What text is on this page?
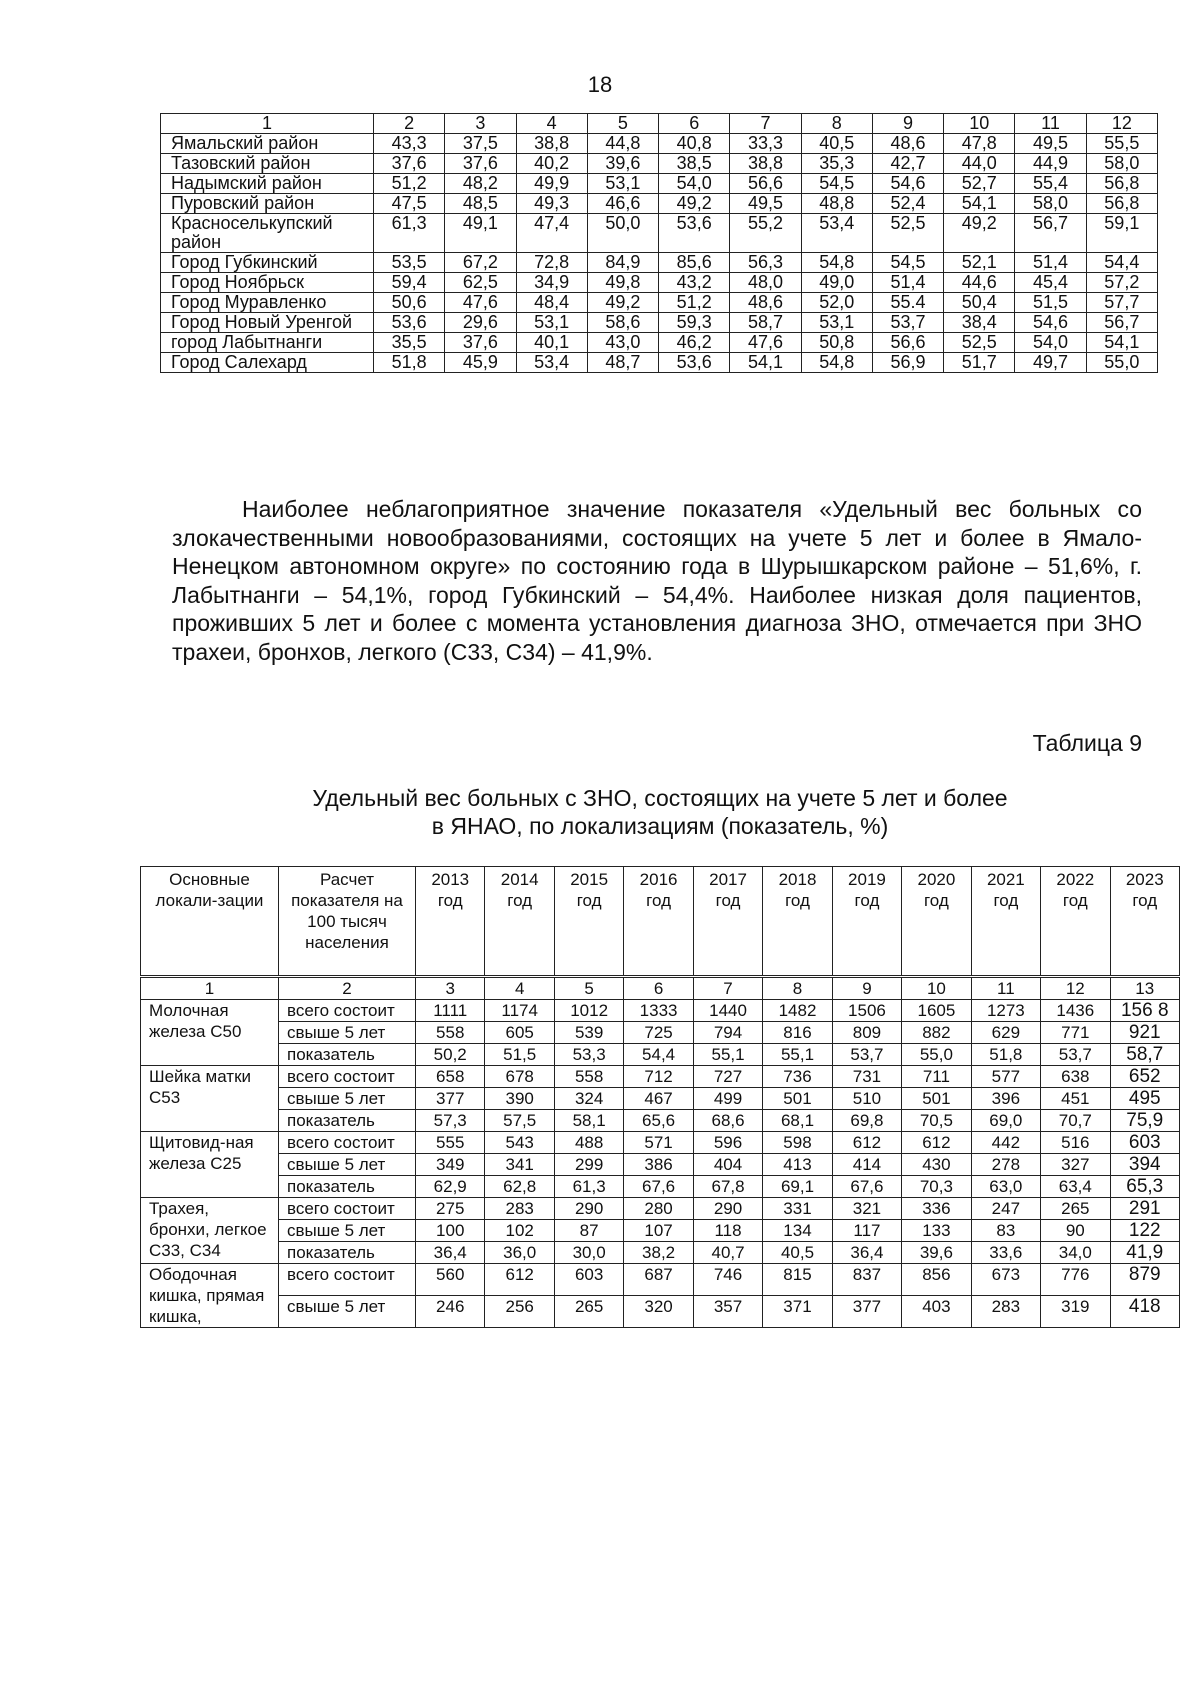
18
1	2	3	4	5	6	7	8	9	10	11	12
Ямальский район	43,3	37,5	38,8	44,8	40,8	33,3	40,5	48,6	47,8	49,5	55,5
Тазовский район	37,6	37,6	40,2	39,6	38,5	38,8	35,3	42,7	44,0	44,9	58,0
Надымский район	51,2	48,2	49,9	53,1	54,0	56,6	54,5	54,6	52,7	55,4	56,8
Пуровский район	47,5	48,5	49,3	46,6	49,2	49,5	48,8	52,4	54,1	58,0	56,8
Красноселькупский район	61,3	49,1	47,4	50,0	53,6	55,2	53,4	52,5	49,2	56,7	59,1
Город Губкинский	53,5	67,2	72,8	84,9	85,6	56,3	54,8	54,5	52,1	51,4	54,4
Город Ноябрьск	59,4	62,5	34,9	49,8	43,2	48,0	49,0	51,4	44,6	45,4	57,2
Город Муравленко	50,6	47,6	48,4	49,2	51,2	48,6	52,0	55.4	50,4	51,5	57,7
Город Новый Уренгой	53,6	29,6	53,1	58,6	59,3	58,7	53,1	53,7	38,4	54,6	56,7
город Лабытнанги	35,5	37,6	40,1	43,0	46,2	47,6	50,8	56,6	52,5	54,0	54,1
Город Салехард	51,8	45,9	53,4	48,7	53,6	54,1	54,8	56,9	51,7	49,7	55,0

Наиболее неблагоприятное значение показателя «Удельный вес больных со злокачественными новообразованиями, состоящих на учете 5 лет и более в Ямало-Ненецком автономном округе» по состоянию года в Шурышкарском районе – 51,6%, г. Лабытнанги – 54,1%, город Губкинский – 54,4%. Наиболее низкая доля пациентов, проживших 5 лет и более с момента установления диагноза ЗНО, отмечается при ЗНО трахеи, бронхов, легкого (С33, С34) – 41,9%.

Таблица 9
Удельный вес больных с ЗНО, состоящих на учете 5 лет и более
в ЯНАО, по локализациям (показатель, %)
Основные локали-зации	Расчет показателя на 100 тысяч населения	2013 год	2014 год	2015 год	2016 год	2017 год	2018 год	2019 год	2020 год	2021 год	2022 год	2023 год
1	2	3	4	5	6	7	8	9	10	11	12	13
Молочная железа С50	всего состоит	1111	1174	1012	1333	1440	1482	1506	1605	1273	1436	156 8
	свыше 5 лет	558	605	539	725	794	816	809	882	629	771	921
	показатель	50,2	51,5	53,3	54,4	55,1	55,1	53,7	55,0	51,8	53,7	58,7
Шейка матки С53	всего состоит	658	678	558	712	727	736	731	711	577	638	652
	свыше 5 лет	377	390	324	467	499	501	510	501	396	451	495
	показатель	57,3	57,5	58,1	65,6	68,6	68,1	69,8	70,5	69,0	70,7	75,9
Щитовид-ная железа С25	всего состоит	555	543	488	571	596	598	612	612	442	516	603
	свыше 5 лет	349	341	299	386	404	413	414	430	278	327	394
	показатель	62,9	62,8	61,3	67,6	67,8	69,1	67,6	70,3	63,0	63,4	65,3
Трахея, бронхи, легкое С33, С34	всего состоит	275	283	290	280	290	331	321	336	247	265	291
	свыше 5 лет	100	102	87	107	118	134	117	133	83	90	122
	показатель	36,4	36,0	30,0	38,2	40,7	40,5	36,4	39,6	33,6	34,0	41,9
Ободочная кишка, прямая кишка,	всего состоит	560	612	603	687	746	815	837	856	673	776	879
	свыше 5 лет	246	256	265	320	357	371	377	403	283	319	418
